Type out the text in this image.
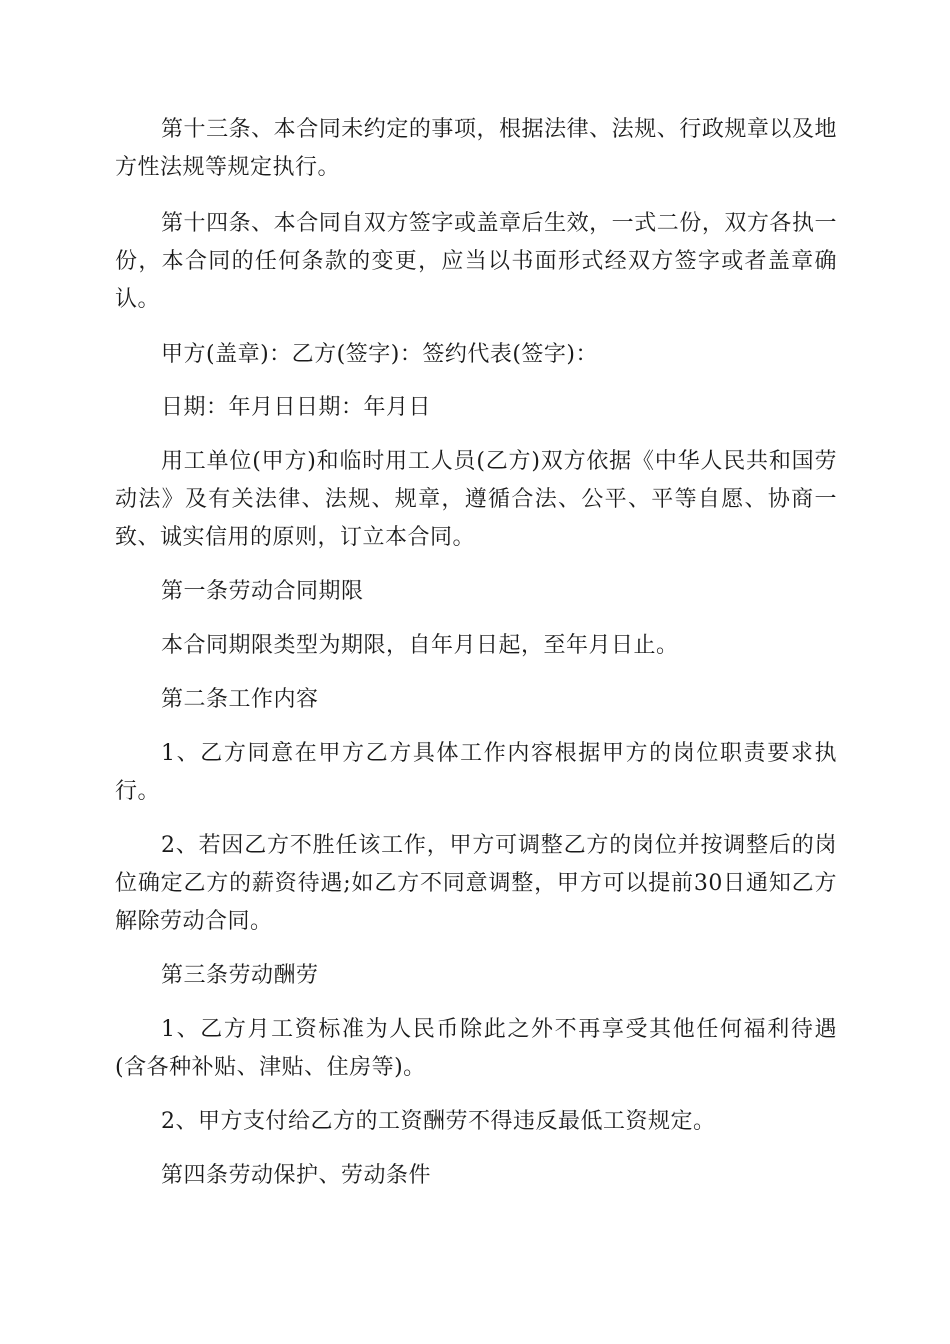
第十三条、本合同未约定的事项，根据法律、法规、行政规章以及地方性法规等规定执行。

第十四条、本合同自双方签字或盖章后生效，一式二份，双方各执一份，本合同的任何条款的变更，应当以书面形式经双方签字或者盖章确认。

甲方(盖章)：乙方(签字)：签约代表(签字)：

日期：年月日日期：年月日

用工单位(甲方)和临时用工人员(乙方)双方依据《中华人民共和国劳动法》及有关法律、法规、规章，遵循合法、公平、平等自愿、协商一致、诚实信用的原则，订立本合同。

第一条劳动合同期限

本合同期限类型为期限，自年月日起，至年月日止。

第二条工作内容

1、乙方同意在甲方乙方具体工作内容根据甲方的岗位职责要求执行。

2、若因乙方不胜任该工作，甲方可调整乙方的岗位并按调整后的岗位确定乙方的薪资待遇;如乙方不同意调整，甲方可以提前30日通知乙方解除劳动合同。

第三条劳动酬劳

1、乙方月工资标准为人民币除此之外不再享受其他任何福利待遇(含各种补贴、津贴、住房等)。

2、甲方支付给乙方的工资酬劳不得违反最低工资规定。

第四条劳动保护、劳动条件
